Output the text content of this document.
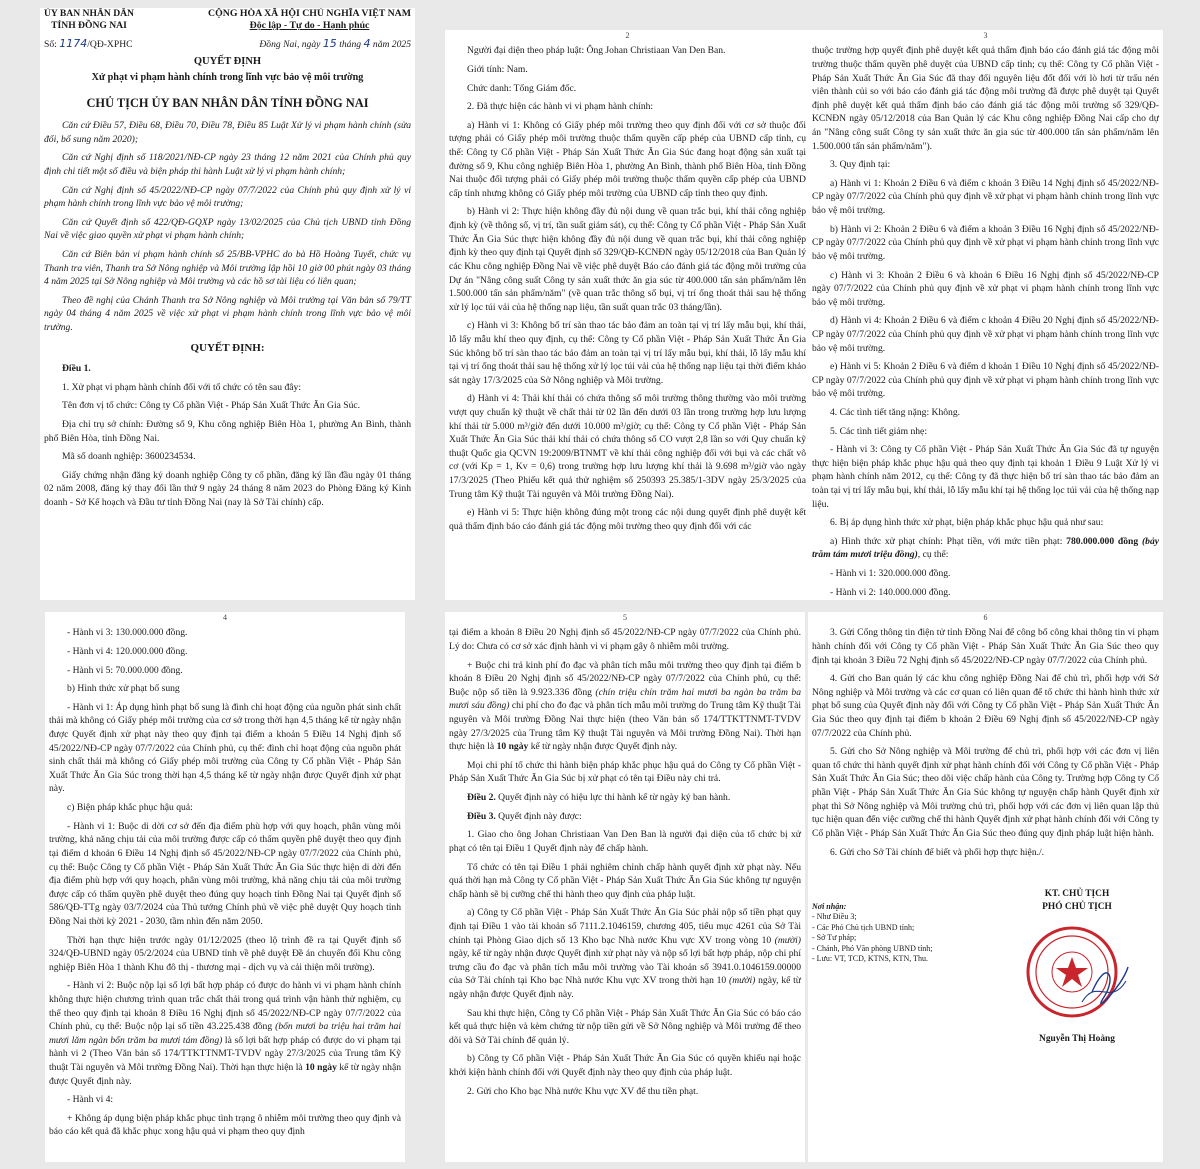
ỦY BAN NHÂN DÂN
TỈNH ĐỒNG NAI
CỘNG HÒA XÃ HỘI CHỦ NGHĨA VIỆT NAM
Độc lập - Tự do - Hạnh phúc
Số: 1174/QĐ-XPHC	Đồng Nai, ngày 15 tháng 4 năm 2025
QUYẾT ĐỊNH
Xử phạt vi phạm hành chính trong lĩnh vực bảo vệ môi trường
CHỦ TỊCH ỦY BAN NHÂN DÂN TỈNH ĐỒNG NAI

Căn cứ Điều 57, Điều 68, Điều 70, Điều 78, Điều 85 Luật Xử lý vi phạm hành chính (sửa đổi, bổ sung năm 2020);

Căn cứ Nghị định số 118/2021/NĐ-CP ngày 23 tháng 12 năm 2021 của Chính phủ quy định chi tiết một số điều và biện pháp thi hành Luật xử lý vi phạm hành chính;

Căn cứ Nghị định số 45/2022/NĐ-CP ngày 07/7/2022 của Chính phủ quy định xử lý vi phạm hành chính trong lĩnh vực bảo vệ môi trường;

Căn cứ Quyết định số 422/QĐ-GQXP ngày 13/02/2025 của Chủ tịch UBND tỉnh Đồng Nai về việc giao quyền xử phạt vi phạm hành chính;

Căn cứ Biên bản vi phạm hành chính số 25/BB-VPHC do bà Hồ Hoàng Tuyết, chức vụ Thanh tra viên, Thanh tra Sở Nông nghiệp và Môi trường lập hồi 10 giờ 00 phút ngày 03 tháng 4 năm 2025 tại Sở Nông nghiệp và Môi trường và các hồ sơ tài liệu có liên quan;

Theo đề nghị của Chánh Thanh tra Sở Nông nghiệp và Môi trường tại Văn bản số 79/TT ngày 04 tháng 4 năm 2025 về việc xử phạt vi phạm hành chính trong lĩnh vực bảo vệ môi trường.

QUYẾT ĐỊNH:

Điều 1.

1. Xử phạt vi phạm hành chính đối với tổ chức có tên sau đây:

Tên đơn vị tổ chức: Công ty Cổ phần Việt - Pháp Sản Xuất Thức Ăn Gia Súc.

Địa chỉ trụ sở chính: Đường số 9, Khu công nghiệp Biên Hòa 1, phường An Bình, thành phố Biên Hòa, tỉnh Đồng Nai.

Mã số doanh nghiệp: 3600234534.

Giấy chứng nhận đăng ký doanh nghiệp Công ty cổ phần, đăng ký lần đầu ngày 01 tháng 02 năm 2008, đăng ký thay đổi lần thứ 9 ngày 24 tháng 8 năm 2023 do Phòng Đăng ký Kinh doanh - Sở Kế hoạch và Đầu tư tỉnh Đồng Nai (nay là Sở Tài chính) cấp.

2

Người đại diện theo pháp luật: Ông Johan Christiaan Van Den Ban.

Giới tính: Nam.

Chức danh: Tổng Giám đốc.

2. Đã thực hiện các hành vi vi phạm hành chính:

a) Hành vi 1: Không có Giấy phép môi trường theo quy định đối với cơ sở thuộc đối tượng phải có Giấy phép môi trường thuộc thẩm quyền cấp phép của UBND cấp tỉnh, cụ thể: Công ty Cổ phần Việt - Pháp Sản Xuất Thức Ăn Gia Súc đang hoạt động sản xuất tại đường số 9, Khu công nghiệp Biên Hòa 1, phường An Bình, thành phố Biên Hòa, tỉnh Đồng Nai thuộc đối tượng phải có Giấy phép môi trường thuộc thẩm quyền cấp phép của UBND cấp tỉnh nhưng không có Giấy phép môi trường của UBND cấp tỉnh theo quy định.

b) Hành vi 2: Thực hiện không đầy đủ nội dung về quan trắc bụi, khí thải công nghiệp định kỳ (về thông số, vị trí, tần suất giám sát), cụ thể: Công ty Cổ phần Việt - Pháp Sản Xuất Thức Ăn Gia Súc thực hiện không đầy đủ nội dung về quan trắc bụi, khí thải công nghiệp định kỳ theo quy định tại Quyết định số 329/QĐ-KCNĐN ngày 05/12/2018 của Ban Quản lý các Khu công nghiệp Đồng Nai về việc phê duyệt Báo cáo đánh giá tác động môi trường của Dự án "Nâng công suất Công ty sản xuất thức ăn gia súc từ 400.000 tấn sản phẩm/năm lên 1.500.000 tấn sản phẩm/năm" (về quan trắc thông số bụi, vị trí ống thoát thải sau hệ thống xử lý lọc túi vải của hệ thống nạp liệu, tần suất quan trắc 03 tháng/lần).

c) Hành vi 3: Không bố trí sàn thao tác bảo đảm an toàn tại vị trí lấy mẫu bụi, khí thải, lỗ lấy mẫu khí theo quy định, cụ thể: Công ty Cổ phần Việt - Pháp Sản Xuất Thức Ăn Gia Súc không bố trí sàn thao tác bảo đảm an toàn tại vị trí lấy mẫu bụi, khí thải, lỗ lấy mẫu khí tại vị trí ống thoát thải sau hệ thống xử lý lọc túi vải của hệ thống nạp liệu tại thời điểm khảo sát ngày 17/3/2025 của Sở Nông nghiệp và Môi trường.

d) Hành vi 4: Thải khí thải có chứa thông số môi trường thông thường vào môi trường vượt quy chuẩn kỹ thuật về chất thải từ 02 lần đến dưới 03 lần trong trường hợp lưu lượng khí thải từ 5.000 m³/giờ đến dưới 10.000 m³/giờ; cụ thể: Công ty Cổ phần Việt - Pháp Sản Xuất Thức Ăn Gia Súc thải khí thải có chứa thông số CO vượt 2,8 lần so với Quy chuẩn kỹ thuật Quốc gia QCVN 19:2009/BTNMT về khí thải công nghiệp đối với bụi và các chất vô cơ (với Kp = 1, Kv = 0,6) trong trường hợp lưu lượng khí thải là 9.698 m³/giờ vào ngày 17/3/2025 (Theo Phiếu kết quả thử nghiệm số 250393 25.385/1-3DV ngày 25/3/2025 của Trung tâm Kỹ thuật Tài nguyên và Môi trường Đồng Nai).

e) Hành vi 5: Thực hiện không đúng một trong các nội dung quyết định phê duyệt kết quả thẩm định báo cáo đánh giá tác động môi trường theo quy định đối với các

3

thuộc trường hợp quyết định phê duyệt kết quả thẩm định báo cáo đánh giá tác động môi trường thuộc thẩm quyền phê duyệt của UBND cấp tỉnh; cụ thể: Công ty Cổ phần Việt - Pháp Sản Xuất Thức Ăn Gia Súc đã thay đổi nguyên liệu đốt đối với lò hơi từ trấu nén viên thành củi so với báo cáo đánh giá tác động môi trường đã được phê duyệt tại Quyết định phê duyệt kết quả thẩm định báo cáo đánh giá tác động môi trường số 329/QĐ-KCNĐN ngày 05/12/2018 của Ban Quản lý các Khu công nghiệp Đồng Nai cấp cho dự án "Nâng công suất Công ty sản xuất thức ăn gia súc từ 400.000 tấn sản phẩm/năm lên 1.500.000 tấn sản phẩm/năm").

3. Quy định tại:

a) Hành vi 1: Khoản 2 Điều 6 và điểm c khoản 3 Điều 14 Nghị định số 45/2022/NĐ-CP ngày 07/7/2022 của Chính phủ quy định về xử phạt vi phạm hành chính trong lĩnh vực bảo vệ môi trường.

b) Hành vi 2: Khoản 2 Điều 6 và điểm a khoản 3 Điều 16 Nghị định số 45/2022/NĐ-CP ngày 07/7/2022 của Chính phủ quy định về xử phạt vi phạm hành chính trong lĩnh vực bảo vệ môi trường.

c) Hành vi 3: Khoản 2 Điều 6 và khoản 6 Điều 16 Nghị định số 45/2022/NĐ-CP ngày 07/7/2022 của Chính phủ quy định về xử phạt vi phạm hành chính trong lĩnh vực bảo vệ môi trường.

d) Hành vi 4: Khoản 2 Điều 6 và điểm c khoản 4 Điều 20 Nghị định số 45/2022/NĐ-CP ngày 07/7/2022 của Chính phủ quy định về xử phạt vi phạm hành chính trong lĩnh vực bảo vệ môi trường.

e) Hành vi 5: Khoản 2 Điều 6 và điểm d khoản 1 Điều 10 Nghị định số 45/2022/NĐ-CP ngày 07/7/2022 của Chính phủ quy định về xử phạt vi phạm hành chính trong lĩnh vực bảo vệ môi trường.

4. Các tình tiết tăng nặng: Không.

5. Các tình tiết giảm nhẹ:

- Hành vi 3: Công ty Cổ phần Việt - Pháp Sản Xuất Thức Ăn Gia Súc đã tự nguyện thực hiện biện pháp khắc phục hậu quả theo quy định tại khoản 1 Điều 9 Luật Xử lý vi phạm hành chính năm 2012, cụ thể: Công ty đã thực hiện bố trí sàn thao tác bảo đảm an toàn tại vị trí lấy mẫu bụi, khí thải, lỗ lấy mẫu khí tại hệ thống lọc túi vải của hệ thống nạp liệu.

6. Bị áp dụng hình thức xử phạt, biện pháp khắc phục hậu quả như sau:

a) Hình thức xử phạt chính: Phạt tiền, với mức tiền phạt: 780.000.000 đồng (bảy trăm tám mươi triệu đồng), cụ thể:

- Hành vi 1: 320.000.000 đồng.

- Hành vi 2: 140.000.000 đồng.

4

- Hành vi 3: 130.000.000 đồng.

- Hành vi 4: 120.000.000 đồng.

- Hành vi 5: 70.000.000 đồng.

b) Hình thức xử phạt bổ sung

- Hành vi 1: Áp dụng hình phạt bổ sung là đình chỉ hoạt động của nguồn phát sinh chất thải mà không có Giấy phép môi trường của cơ sở trong thời hạn 4,5 tháng kể từ ngày nhận được Quyết định xử phạt này theo quy định tại điểm a khoản 5 Điều 14 Nghị định số 45/2022/NĐ-CP ngày 07/7/2022 của Chính phủ, cụ thể: đình chỉ hoạt động của nguồn phát sinh chất thải mà không có Giấy phép môi trường của Công ty Cổ phần Việt - Pháp Sản Xuất Thức Ăn Gia Súc trong thời hạn 4,5 tháng kể từ ngày nhận được Quyết định xử phạt này.

c) Biện pháp khắc phục hậu quả:

- Hành vi 1: Buộc di dời cơ sở đến địa điểm phù hợp với quy hoạch, phân vùng môi trường, khả năng chịu tải của môi trường được cấp có thẩm quyền phê duyệt theo quy định tại điểm d khoản 6 Điều 14 Nghị định số 45/2022/NĐ-CP ngày 07/7/2022 của Chính phủ, cụ thể: Buộc Công ty Cổ phần Việt - Pháp Sản Xuất Thức Ăn Gia Súc thực hiện di dời đến địa điểm phù hợp với quy hoạch, phân vùng môi trường, khả năng chịu tải của môi trường được cấp có thẩm quyền phê duyệt theo đúng quy hoạch tỉnh Đồng Nai tại Quyết định số 586/QĐ-TTg ngày 03/7/2024 của Thủ tướng Chính phủ về việc phê duyệt Quy hoạch tỉnh Đồng Nai thời kỳ 2021 - 2030, tầm nhìn đến năm 2050.

Thời hạn thực hiện trước ngày 01/12/2025 (theo lộ trình đề ra tại Quyết định số 324/QĐ-UBND ngày 05/2/2024 của UBND tỉnh về phê duyệt Đề án chuyển đổi Khu công nghiệp Biên Hòa 1 thành Khu đô thị - thương mại - dịch vụ và cải thiện môi trường).

- Hành vi 2: Buộc nộp lại số lợi bất hợp pháp có được do hành vi vi phạm hành chính không thực hiện chương trình quan trắc chất thải trong quá trình vận hành thử nghiệm, cụ thể theo quy định tại khoản 8 Điều 16 Nghị định số 45/2022/NĐ-CP ngày 07/7/2022 của Chính phủ, cụ thể: Buộc nộp lại số tiền 43.225.438 đồng (bốn mươi ba triệu hai trăm hai mươi lăm ngàn bốn trăm ba mươi tám đồng) là số lợi bất hợp pháp có được do vi phạm tại hành vi 2 (Theo Văn bản số 174/TTKTTNMT-TVDV ngày 27/3/2025 của Trung tâm Kỹ thuật Tài nguyên và Môi trường Đồng Nai). Thời hạn thực hiện là 10 ngày kể từ ngày nhận được Quyết định này.

- Hành vi 4:

+ Không áp dụng biện pháp khắc phục tình trạng ô nhiễm môi trường theo quy định và báo cáo kết quả đã khắc phục xong hậu quả vi phạm theo quy định

5

tại điểm a khoản 8 Điều 20 Nghị định số 45/2022/NĐ-CP ngày 07/7/2022 của Chính phủ. Lý do: Chưa có cơ sở xác định hành vi vi phạm gây ô nhiễm môi trường.

+ Buộc chi trả kinh phí đo đạc và phân tích mẫu môi trường theo quy định tại điểm b khoản 8 Điều 20 Nghị định số 45/2022/NĐ-CP ngày 07/7/2022 của Chính phủ, cụ thể: Buộc nộp số tiền là 9.923.336 đồng (chín triệu chín trăm hai mươi ba ngàn ba trăm ba mươi sáu đồng) chi phí cho đo đạc và phân tích mẫu môi trường do Trung tâm Kỹ thuật Tài nguyên và Môi trường Đồng Nai thực hiện (theo Văn bản số 174/TTKTTNMT-TVDV ngày 27/3/2025 của Trung tâm Kỹ thuật Tài nguyên và Môi trường Đồng Nai). Thời hạn thực hiện là 10 ngày kể từ ngày nhận được Quyết định này.

Mọi chi phí tổ chức thi hành biện pháp khắc phục hậu quả do Công ty Cổ phần Việt - Pháp Sản Xuất Thức Ăn Gia Súc bị xử phạt có tên tại Điều này chi trả.

Điều 2. Quyết định này có hiệu lực thi hành kể từ ngày ký ban hành.

Điều 3. Quyết định này được:

1. Giao cho ông Johan Christiaan Van Den Ban là người đại diện của tổ chức bị xử phạt có tên tại Điều 1 Quyết định này để chấp hành.

Tổ chức có tên tại Điều 1 phải nghiêm chỉnh chấp hành quyết định xử phạt này. Nếu quá thời hạn mà Công ty Cổ phần Việt - Pháp Sản Xuất Thức Ăn Gia Súc không tự nguyện chấp hành sẽ bị cưỡng chế thi hành theo quy định của pháp luật.

a) Công ty Cổ phần Việt - Pháp Sản Xuất Thức Ăn Gia Súc phải nộp số tiền phạt quy định tại Điều 1 vào tài khoản số 7111.2.1046159, chương 405, tiểu mục 4261 của Sở Tài chính tại Phòng Giao dịch số 13 Kho bạc Nhà nước Khu vực XV trong vòng 10 (mười) ngày, kể từ ngày nhận được Quyết định xử phạt này và nộp số lợi bất hợp pháp, nộp chi phí trưng cầu đo đạc và phân tích mẫu môi trường vào Tài khoản số 3941.0.1046159.00000 của Sở Tài chính tại Kho bạc Nhà nước Khu vực XV trong thời hạn 10 (mười) ngày, kể từ ngày nhận được Quyết định này.

Sau khi thực hiện, Công ty Cổ phần Việt - Pháp Sản Xuất Thức Ăn Gia Súc có báo cáo kết quả thực hiện và kèm chứng từ nộp tiền gửi về Sở Nông nghiệp và Môi trường để theo dõi và Sở Tài chính để quản lý.

b) Công ty Cổ phần Việt - Pháp Sản Xuất Thức Ăn Gia Súc có quyền khiếu nại hoặc khởi kiện hành chính đối với Quyết định này theo quy định của pháp luật.

2. Gửi cho Kho bạc Nhà nước Khu vực XV để thu tiền phạt.

6

3. Gửi Cổng thông tin điện tử tỉnh Đồng Nai để công bố công khai thông tin vi phạm hành chính đối với Công ty Cổ phần Việt - Pháp Sản Xuất Thức Ăn Gia Súc theo quy định tại khoản 3 Điều 72 Nghị định số 45/2022/NĐ-CP ngày 07/7/2022 của Chính phủ.

4. Gửi cho Ban quản lý các khu công nghiệp Đồng Nai để chủ trì, phối hợp với Sở Nông nghiệp và Môi trường và các cơ quan có liên quan để tổ chức thi hành hình thức xử phạt bổ sung của Quyết định này đối với Công ty Cổ phần Việt - Pháp Sản Xuất Thức Ăn Gia Súc theo quy định tại điểm b khoản 2 Điều 69 Nghị định số 45/2022/NĐ-CP ngày 07/7/2022 của Chính phủ.

5. Gửi cho Sở Nông nghiệp và Môi trường để chủ trì, phối hợp với các đơn vị liên quan tổ chức thi hành quyết định xử phạt hành chính đối với Công ty Cổ phần Việt - Pháp Sản Xuất Thức Ăn Gia Súc; theo dõi việc chấp hành của Công ty. Trường hợp Công ty Cổ phần Việt - Pháp Sản Xuất Thức Ăn Gia Súc không tự nguyện chấp hành Quyết định xử phạt thì Sở Nông nghiệp và Môi trường chủ trì, phối hợp với các đơn vị liên quan lập thủ tục hiện quan đến việc cưỡng chế thi hành Quyết định xử phạt hành chính đối với Công ty Cổ phần Việt - Pháp Sản Xuất Thức Ăn Gia Súc theo đúng quy định pháp luật hiện hành.

6. Gửi cho Sở Tài chính để biết và phối hợp thực hiện./.

Nơi nhận:
- Như Điều 3;
- Các Phó Chủ tịch UBND tỉnh;
- Sở Tư pháp;
- Chánh, Phó Văn phòng UBND tỉnh;
- Lưu: VT, TCD, KTNS, KTN, Thu.
KT. CHỦ TỊCH
PHÓ CHỦ TỊCH
Nguyễn Thị Hoàng
